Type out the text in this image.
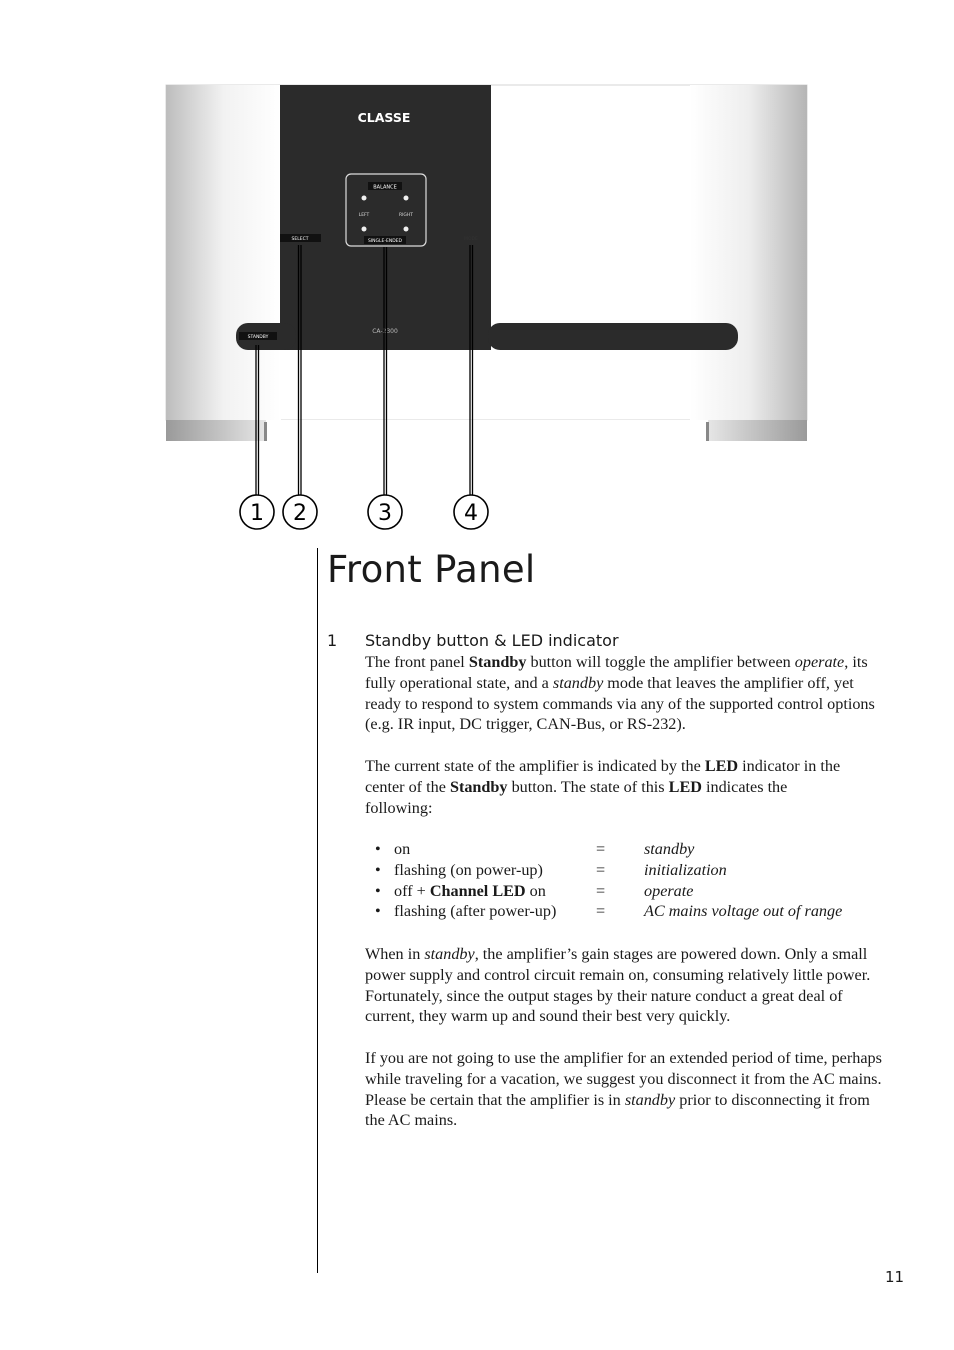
CLASSE
BALANCE
LEFT	RIGHT
SINGLE-ENDED
SELECT	MODE
STANDBY
CA-2300
1 2	3	4
Front Panel
1 Standby button & LED indicator

The front panel Standby button will toggle the amplifier between operate, its fully operational state, and a standby mode that leaves the amplifier off, yet ready to respond to system commands via any of the supported control options (e.g. IR input, DC trigger, CAN-Bus, or RS-232).

The current state of the amplifier is indicated by the LED indicator in the center of the Standby button. The state of this LED indicates the following:

• on	= standby
• flashing (on power-up)	= initialization
• off + Channel LED on	= operate
• flashing (after power-up) = AC mains voltage out of range

When in standby, the amplifier’s gain stages are powered down. Only a small power supply and control circuit remain on, consuming relatively little power. Fortunately, since the output stages by their nature conduct a great deal of current, they warm up and sound their best very quickly.

If you are not going to use the amplifier for an extended period of time, perhaps while traveling for a vacation, we suggest you disconnect it from the AC mains. Please be certain that the amplifier is in standby prior to disconnecting it from the AC mains.

11
